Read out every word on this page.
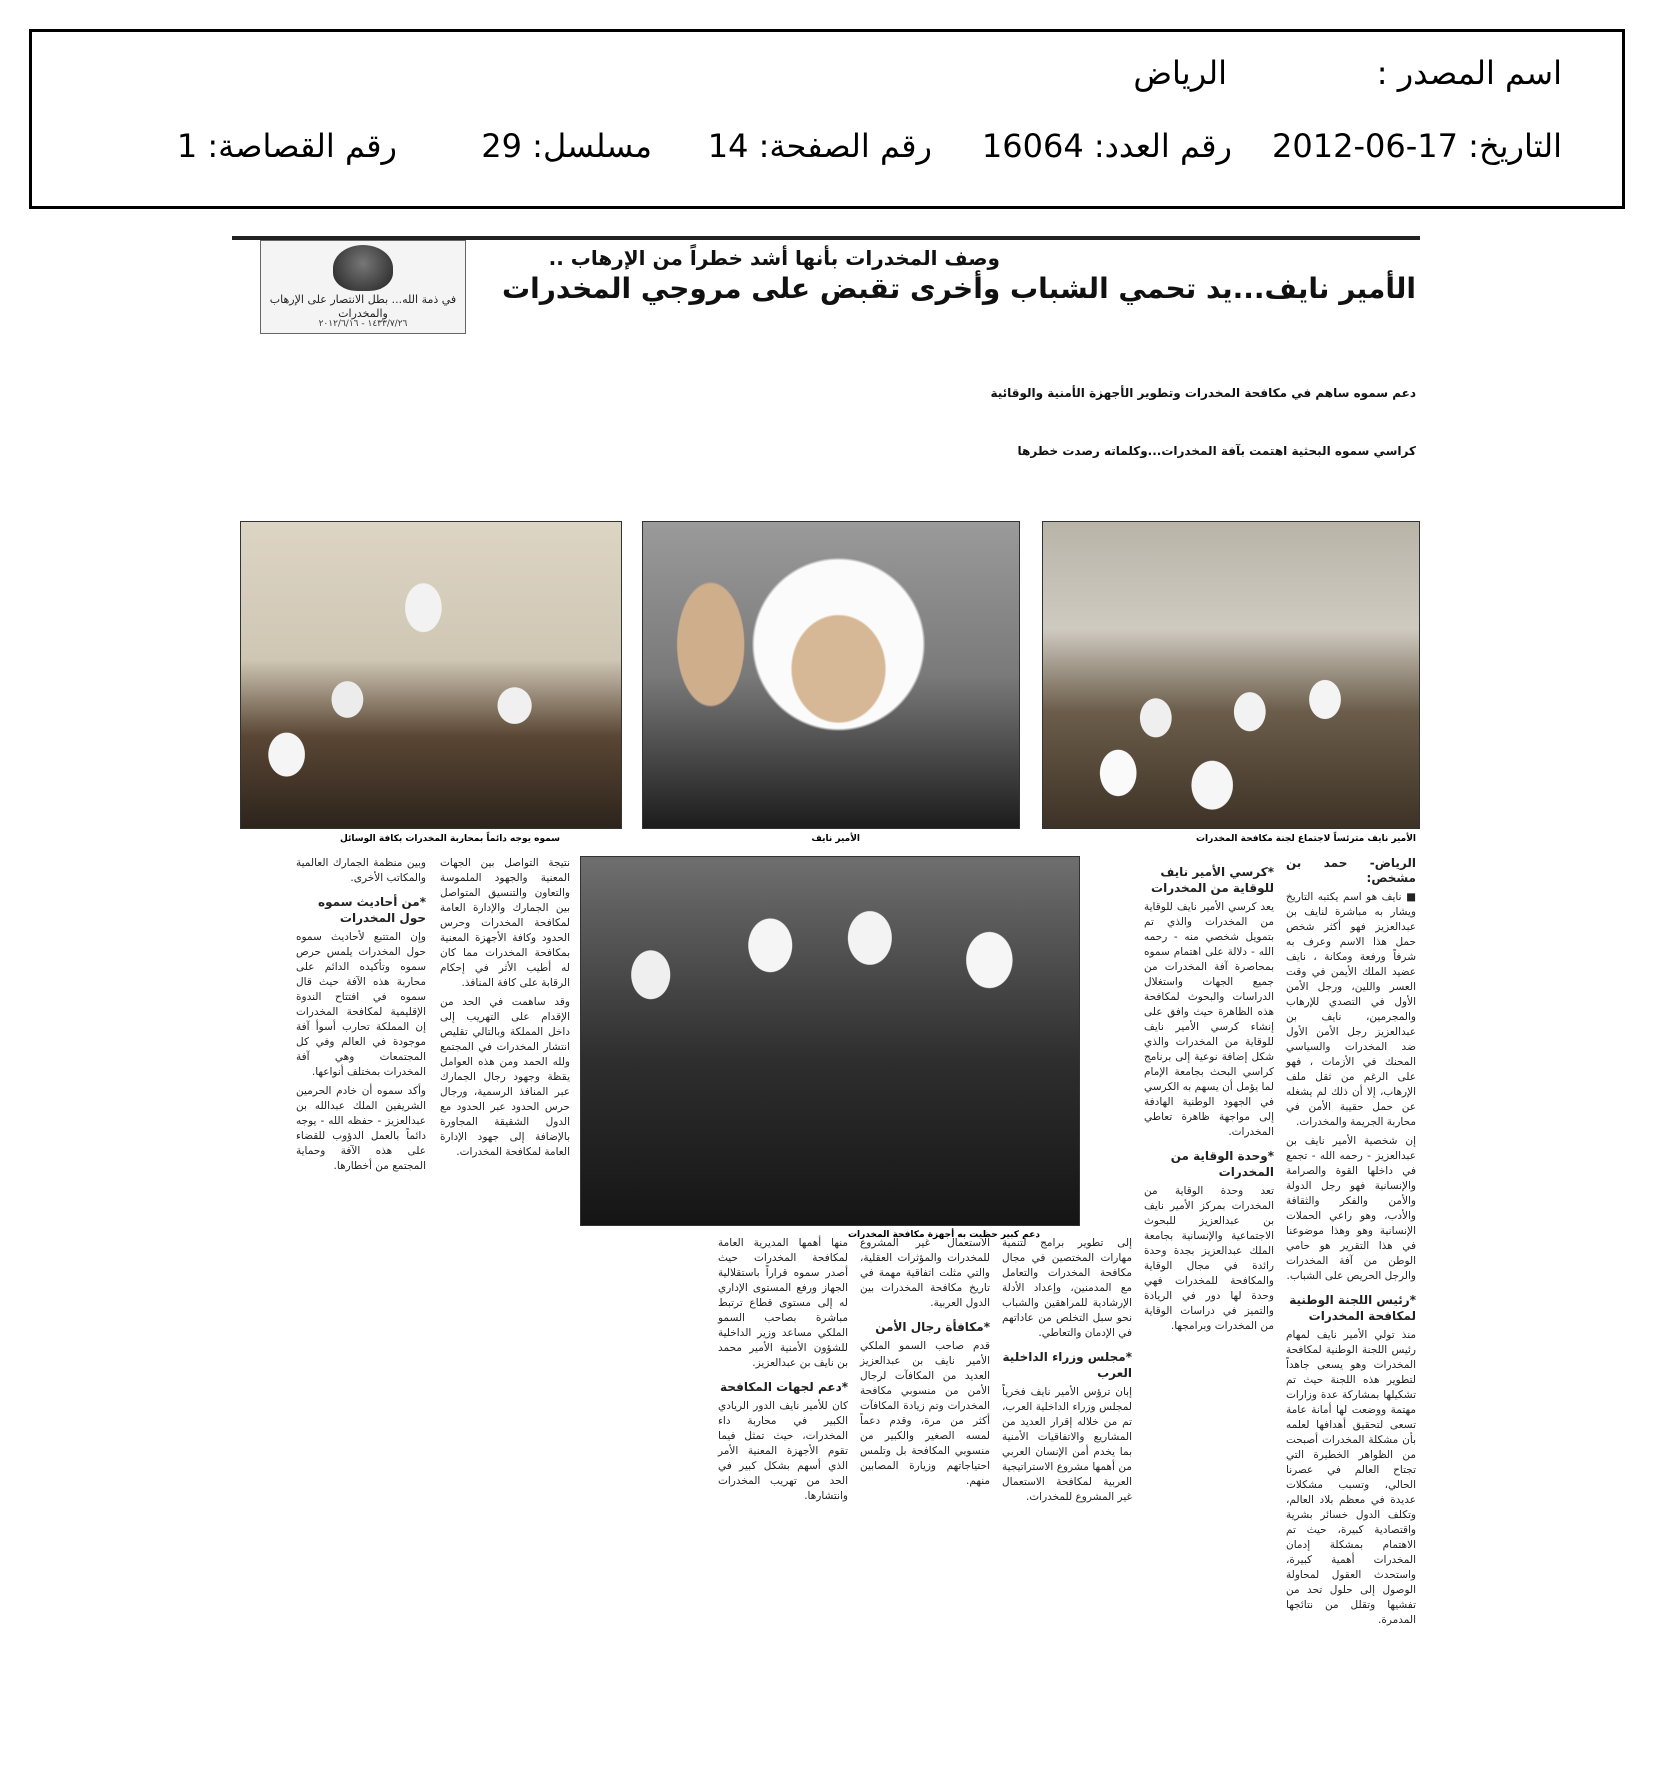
اسم المصدر :
الرياض
التاريخ: 17-06-2012
رقم العدد: 16064
رقم الصفحة: 14
مسلسل: 29
رقم القصاصة: 1
وصف المخدرات بأنها أشد خطراً من الإرهاب ..
في ذمة الله... بطل الانتصار على الإرهاب والمخدرات
١٤٣٣/٧/٢٦ - ٢٠١٢/٦/١٦
الأمير نايف...يد تحمي الشباب وأخرى تقبض على مروجي المخدرات
دعم سموه ساهم في مكافحة المخدرات وتطوير الأجهزة الأمنية والوقائية
كراسي سموه البحثية اهتمت بآفة المخدرات...وكلماته رصدت خطرها
الأمير نايف مترئساً لاجتماع لجنة مكافحة المخدرات
الأمير نايف
سموه يوجه دائماً بمحاربة المخدرات بكافة الوسائل
دعم كبير حظيت به أجهزة مكافحة المخدرات
الرياض- حمد بن مشخص:
■ نايف هو اسم يكتبه التاريخ ويشار به مباشرة لنايف بن عبدالعزيز فهو أكثر شخص حمل هذا الاسم وعرف به شرفاً ورفعة ومكانة ، نايف عضيد الملك الأيمن في وقت العسر واللين، ورجل الأمن الأول في التصدي للإرهاب والمجرمين، نايف بن عبدالعزيز رجل الأمن الأول ضد المخدرات والسياسي المحنك في الأزمات ، فهو على الرغم من ثقل ملف الإرهاب، إلا أن ذلك لم يشغله عن حمل حقيبة الأمن في محاربة الجريمة والمخدرات.
إن شخصية الأمير نايف بن عبدالعزيز - رحمه الله - تجمع في داخلها القوة والصرامة والإنسانية فهو رجل الدولة والأمن والفكر والثقافة والأدب، وهو راعي الحملات الإنسانية وهو وهذا موضوعنا في هذا التقرير هو حامي الوطن من آفة المخدرات والرجل الحريص على الشباب.
*رئيس اللجنة الوطنية لمكافحة المخدرات
منذ تولي الأمير نايف لمهام رئيس اللجنة الوطنية لمكافحة المخدرات وهو يسعى جاهداً لتطوير هذه اللجنة حيث تم تشكيلها بمشاركة عدة وزارات مهتمة ووضعت لها أمانة عامة تسعى لتحقيق أهدافها لعلمه بأن مشكلة المخدرات أصبحت من الظواهر الخطيرة التي تجتاح العالم في عصرنا الحالي، وتسبب مشكلات عديدة في معظم بلاد العالم، وتكلف الدول خسائر بشرية واقتصادية كبيرة، حيث تم الاهتمام بمشكلة إدمان المخدرات أهمية كبيرة، واستحدث العقول لمحاولة الوصول إلى حلول تحد من تفشيها وتقلل من نتائجها المدمرة.
*كرسي الأمير نايف للوقاية من المخدرات
يعد كرسي الأمير نايف للوقاية من المخدرات والذي تم بتمويل شخصي منه - رحمه الله - دلالة على اهتمام سموه بمحاصرة آفة المخدرات من جميع الجهات واستغلال الدراسات والبحوث لمكافحة هذه الظاهرة حيث وافق على إنشاء كرسي الأمير نايف للوقاية من المخدرات والذي شكل إضافة نوعية إلى برنامج كراسي البحث بجامعة الإمام لما يؤمل أن يسهم به الكرسي في الجهود الوطنية الهادفة إلى مواجهة ظاهرة تعاطي المخدرات.
*وحدة الوقاية من المخدرات
تعد وحدة الوقاية من المخدرات بمركز الأمير نايف بن عبدالعزيز للبحوث الاجتماعية والإنسانية بجامعة الملك عبدالعزيز بجدة وحدة رائدة في مجال الوقاية والمكافحة للمخدرات فهي وحدة لها دور في الريادة والتميز في دراسات الوقاية من المخدرات وبرامجها.
إلى تطوير برامج لتنمية مهارات المختصين في مجال مكافحة المخدرات والتعامل مع المدمنين، وإعداد الأدلة الإرشادية للمراهقين والشباب نحو سبل التخلص من عاداتهم في الإدمان والتعاطي.
*مجلس وزراء الداخلية العرب
إبان ترؤس الأمير نايف فخرياً لمجلس وزراء الداخلية العرب، تم من خلاله إقرار العديد من المشاريع والاتفاقيات الأمنية بما يخدم أمن الإنسان العربي من أهمها مشروع الاستراتيجية العربية لمكافحة الاستعمال غير المشروع للمخدرات.
الاستعمال غير المشروع للمخدرات والمؤثرات العقلية، والتي مثلت اتفاقية مهمة في تاريخ مكافحة المخدرات بين الدول العربية.
*مكافأة رجال الأمن
قدم صاحب السمو الملكي الأمير نايف بن عبدالعزيز العديد من المكافآت لرجال الأمن من منسوبي مكافحة المخدرات وتم زيادة المكافآت أكثر من مرة، وقدم دعماً لمسه الصغير والكبير من منسوبي المكافحة بل وتلمس احتياجاتهم وزيارة المصابين منهم.
منها أهمها المديرية العامة لمكافحة المخدرات حيث أصدر سموه قراراً باستقلالية الجهاز ورفع المستوى الإداري له إلى مستوى قطاع ترتبط مباشرة بصاحب السمو الملكي مساعد وزير الداخلية للشؤون الأمنية الأمير محمد بن نايف بن عبدالعزيز.
*دعم لجهات المكافحة
كان للأمير نايف الدور الريادي الكبير في محاربة داء المخدرات، حيث تمثل فيما تقوم الأجهزة المعنية الأمر الذي أسهم بشكل كبير في الحد من تهريب المخدرات وانتشارها.
نتيجة التواصل بين الجهات المعنية والجهود الملموسة والتعاون والتنسيق المتواصل بين الجمارك والإدارة العامة لمكافحة المخدرات وحرس الحدود وكافة الأجهزة المعنية بمكافحة المخدرات مما كان له أطيب الأثر في إحكام الرقابة على كافة المنافذ.
وقد ساهمت في الحد من الإقدام على التهريب إلى داخل المملكة وبالتالي تقليص انتشار المخدرات في المجتمع ولله الحمد ومن هذه العوامل يقظة وجهود رجال الجمارك عبر المنافذ الرسمية، ورجال حرس الحدود عبر الحدود مع الدول الشقيقة المجاورة بالإضافة إلى جهود الإدارة العامة لمكافحة المخدرات.
وبين منظمة الجمارك العالمية والمكاتب الأخرى.
*من أحاديث سموه حول المخدرات
وإن المتتبع لأحاديث سموه حول المخدرات يلمس حرص سموه وتأكيده الدائم على محاربة هذه الآفة حيث قال سموه في افتتاح الندوة الإقليمية لمكافحة المخدرات إن المملكة تحارب أسوأ آفة موجودة في العالم وفي كل المجتمعات وهي آفة المخدرات بمختلف أنواعها.
وأكد سموه أن خادم الحرمين الشريفين الملك عبدالله بن عبدالعزيز - حفظه الله - يوجه دائماً بالعمل الدؤوب للقضاء على هذه الآفة وحماية المجتمع من أخطارها.
